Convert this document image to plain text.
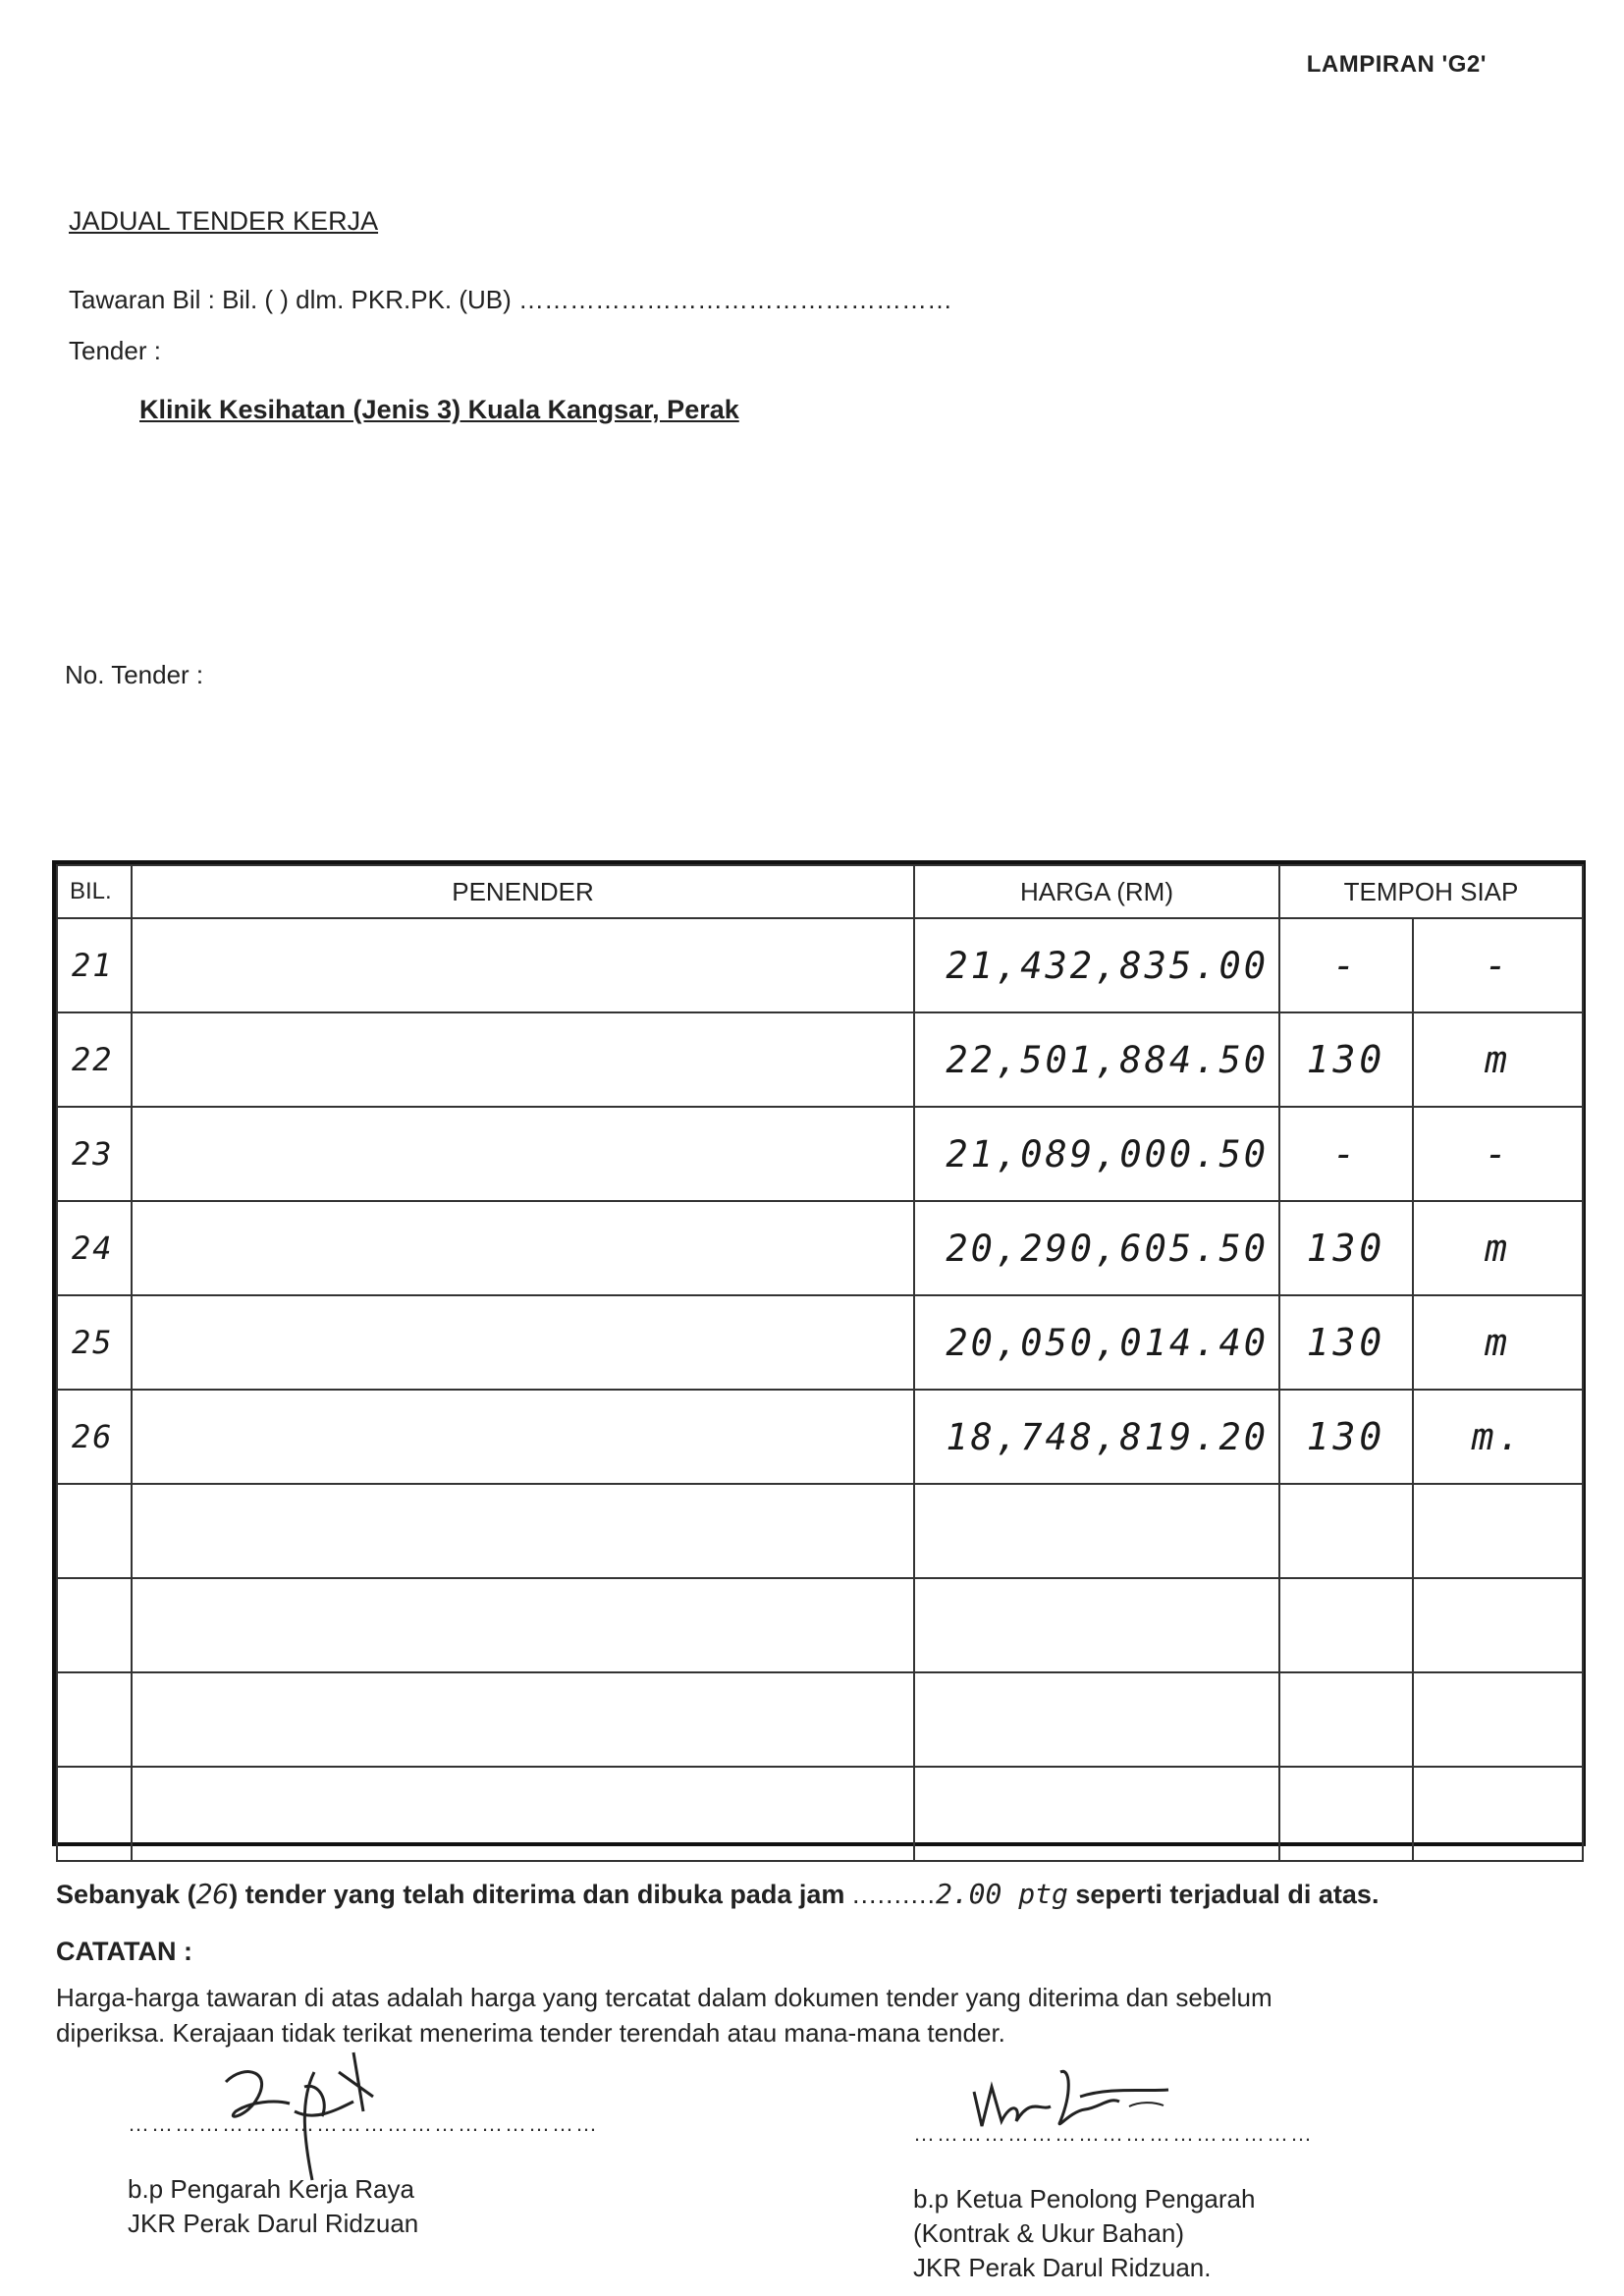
LAMPIRAN 'G2'
JADUAL TENDER KERJA
Tawaran Bil : Bil. ( ) dlm. PKR.PK. (UB) ……………………………………………
Tender :
Klinik Kesihatan (Jenis 3) Kuala Kangsar, Perak
No. Tender :
BIL.	PENENDER	HARGA (RM)	TEMPOH SIAP	
21		21,432,835.00	-	-
22		22,501,884.50	130	m
23		21,089,000.50	-	-
24		20,290,605.50	130	m
25		20,050,014.40	130	m
26		18,748,819.20	130	m.

Sebanyak (26) tender yang telah diterima dan dibuka pada jam ..........2.00 ptg seperti terjadual di atas.
CATATAN :
Harga-harga tawaran di atas adalah harga yang tercatat dalam dokumen tender yang diterima dan sebelum diperiksa. Kerajaan tidak terikat menerima tender terendah atau mana-mana tender.
……………………………………………………
b.p Pengarah Kerja Raya
JKR Perak Darul Ridzuan
……………………………………………
b.p Ketua Penolong Pengarah
(Kontrak & Ukur Bahan)
JKR Perak Darul Ridzuan.
